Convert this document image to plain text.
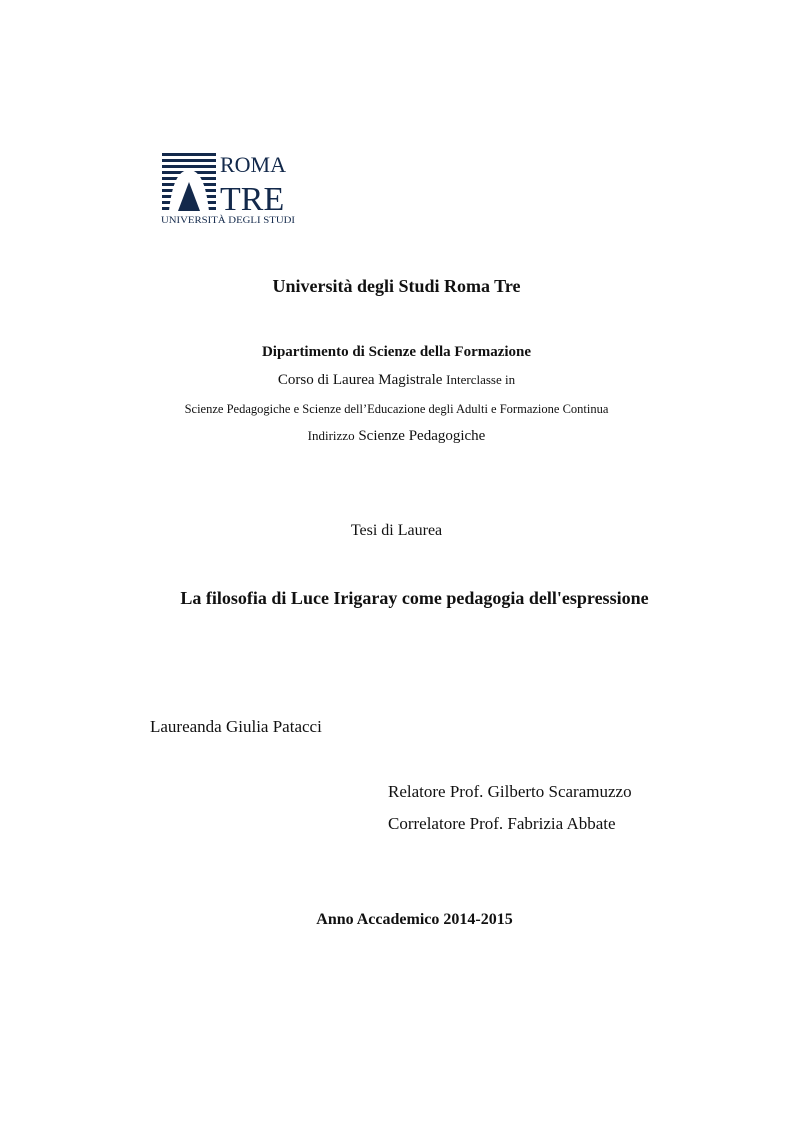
ROMA
TRE
UNIVERSITÀ DEGLI STUDI
Università degli Studi Roma Tre
Dipartimento di Scienze della Formazione
Corso di Laurea Magistrale Interclasse in
Scienze Pedagogiche e Scienze dell’Educazione degli Adulti e Formazione Continua
Indirizzo Scienze Pedagogiche
Tesi di Laurea
La filosofia di Luce Irigaray come pedagogia dell'espressione
Laureanda Giulia Patacci
Relatore Prof. Gilberto Scaramuzzo
Correlatore Prof. Fabrizia Abbate
Anno Accademico 2014-2015
